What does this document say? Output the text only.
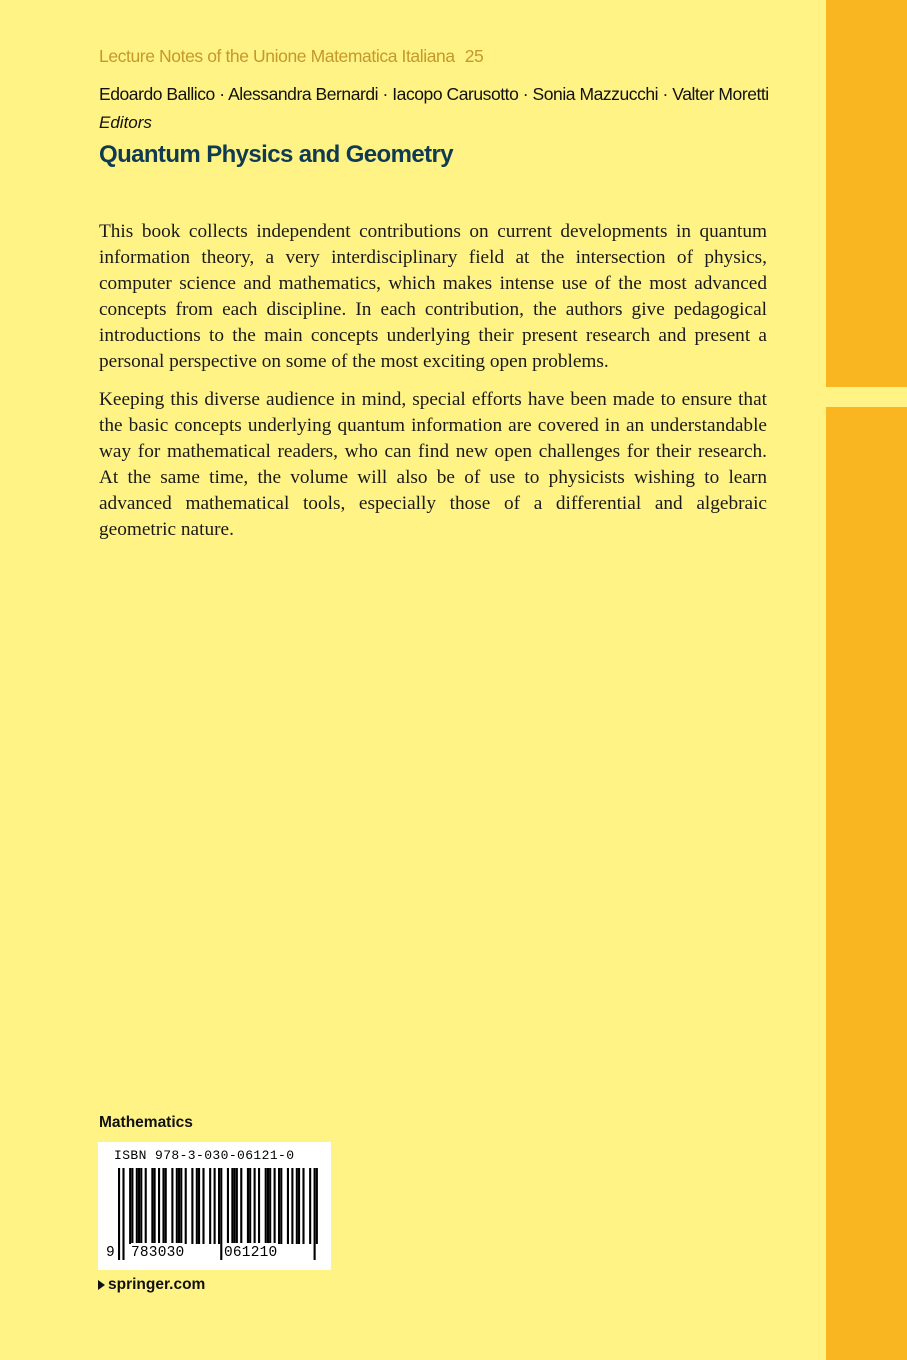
Lecture Notes of the Unione Matematica Italiana 25
Edoardo Ballico · Alessandra Bernardi · Iacopo Carusotto · Sonia Mazzucchi · Valter Moretti
Editors
Quantum Physics and Geometry

This book collects independent contributions on current developments in quantum information theory, a very interdisciplinary field at the intersection of physics, computer science and mathematics, which makes intense use of the most advanced concepts from each discipline. In each contribution, the authors give pedagogical introductions to the main concepts underlying their present research and present a personal perspective on some of the most exciting open problems.

Keeping this diverse audience in mind, special efforts have been made to ensure that the basic concepts underlying quantum information are covered in an understandable way for mathematical readers, who can find new open challenges for their research. At the same time, the volume will also be of use to physicists wishing to learn advanced mathematical tools, especially those of a differential and algebraic geometric nature.

Mathematics
ISBN 978-3-030-06121-0
9 783030	061210
springer.com
